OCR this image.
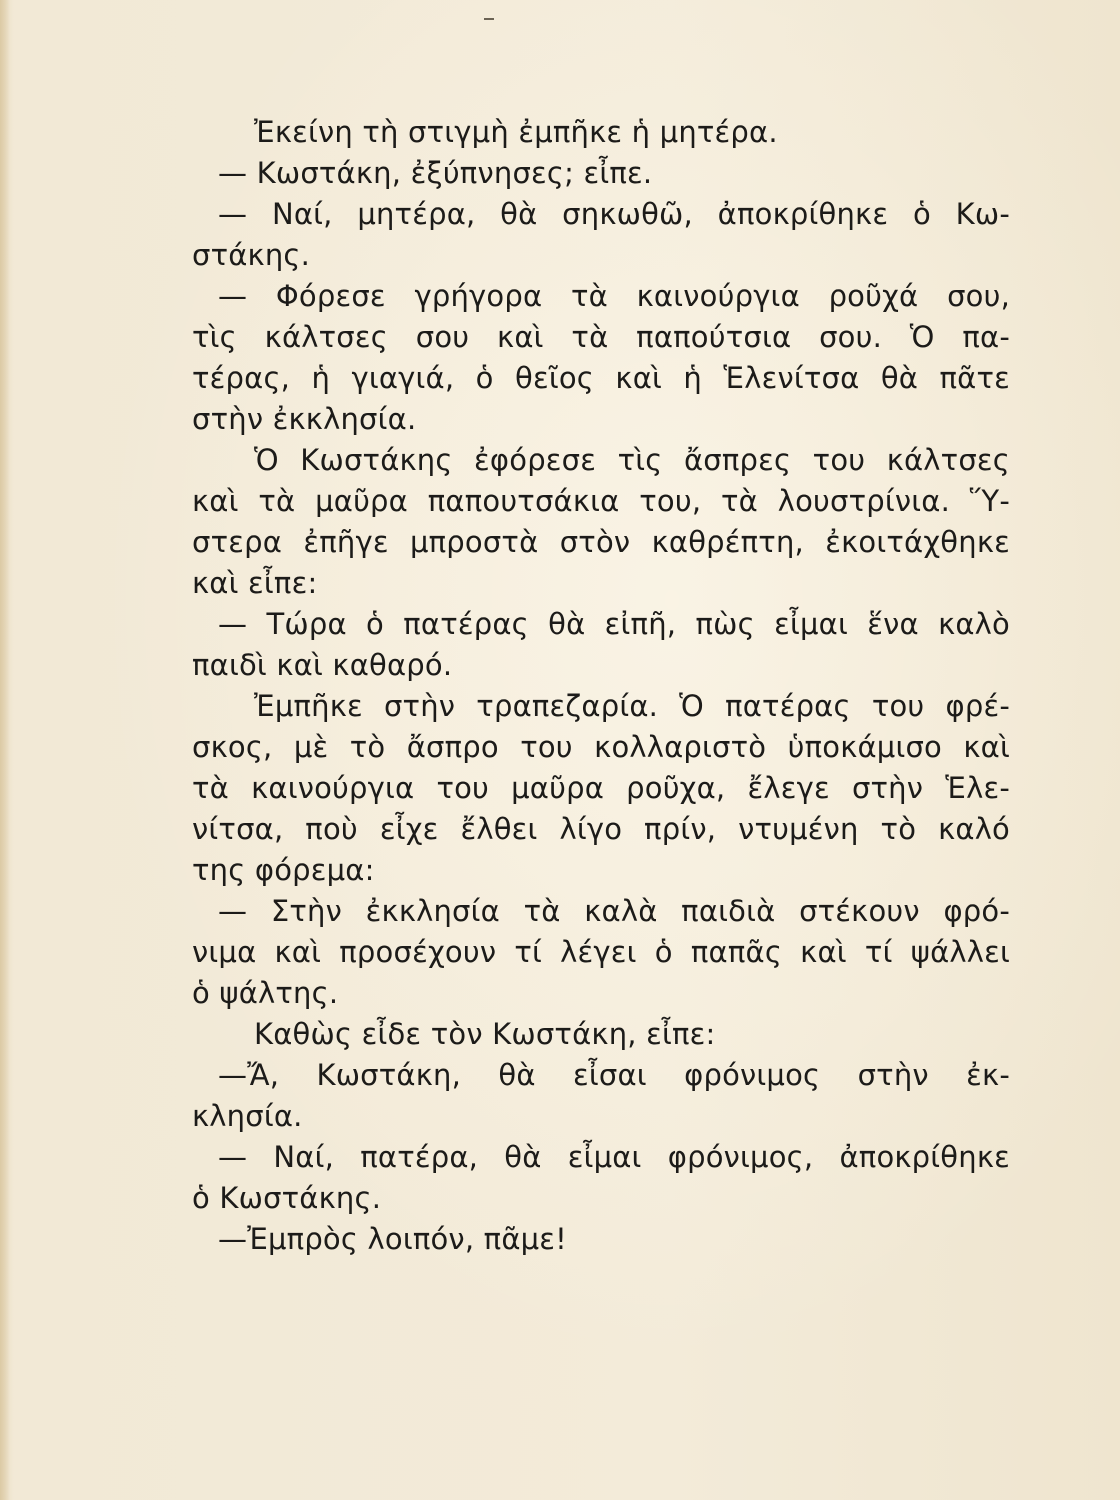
Ἐκείνη τὴ στιγμὴ ἐμπῆκε ἡ μητέρα.
— Κωστάκη, ἐξύπνησες; εἶπε.
— Ναί, μητέρα, θὰ σηκωθῶ, ἀποκρίθηκε ὁ Κω-
στάκης.
— Φόρεσε γρήγορα τὰ καινούργια ροῦχά σου,
τὶς κάλτσες σου καὶ τὰ παπούτσια σου. Ὁ πα-
τέρας, ἡ γιαγιά, ὁ θεῖος καὶ ἡ Ἑλενίτσα θὰ πᾶτε
στὴν ἐκκλησία.
Ὁ Κωστάκης ἐφόρεσε τὶς ἄσπρες του κάλτσες
καὶ τὰ μαῦρα παπουτσάκια του, τὰ λουστρίνια. Ὕ-
στερα ἐπῆγε μπροστὰ στὸν καθρέπτη, ἐκοιτάχθηκε
καὶ εἶπε:
— Τώρα ὁ πατέρας θὰ εἰπῆ, πὼς εἶμαι ἕνα καλὸ
παιδὶ καὶ καθαρό.
Ἐμπῆκε στὴν τραπεζαρία. Ὁ πατέρας του φρέ-
σκος, μὲ τὸ ἄσπρο του κολλαριστὸ ὑποκάμισο καὶ
τὰ καινούργια του μαῦρα ροῦχα, ἔλεγε στὴν Ἑλε-
νίτσα, ποὺ εἶχε ἔλθει λίγο πρίν, ντυμένη τὸ καλό
της φόρεμα:
— Στὴν ἐκκλησία τὰ καλὰ παιδιὰ στέκουν φρό-
νιμα καὶ προσέχουν τί λέγει ὁ παπᾶς καὶ τί ψάλλει
ὁ ψάλτης.
Καθὼς εἶδε τὸν Κωστάκη, εἶπε:
—Ἄ, Κωστάκη, θὰ εἶσαι φρόνιμος στὴν ἐκ-
κλησία.
— Ναί, πατέρα, θὰ εἶμαι φρόνιμος, ἀποκρίθηκε
ὁ Κωστάκης.
—Ἐμπρὸς λοιπόν, πᾶμε!
